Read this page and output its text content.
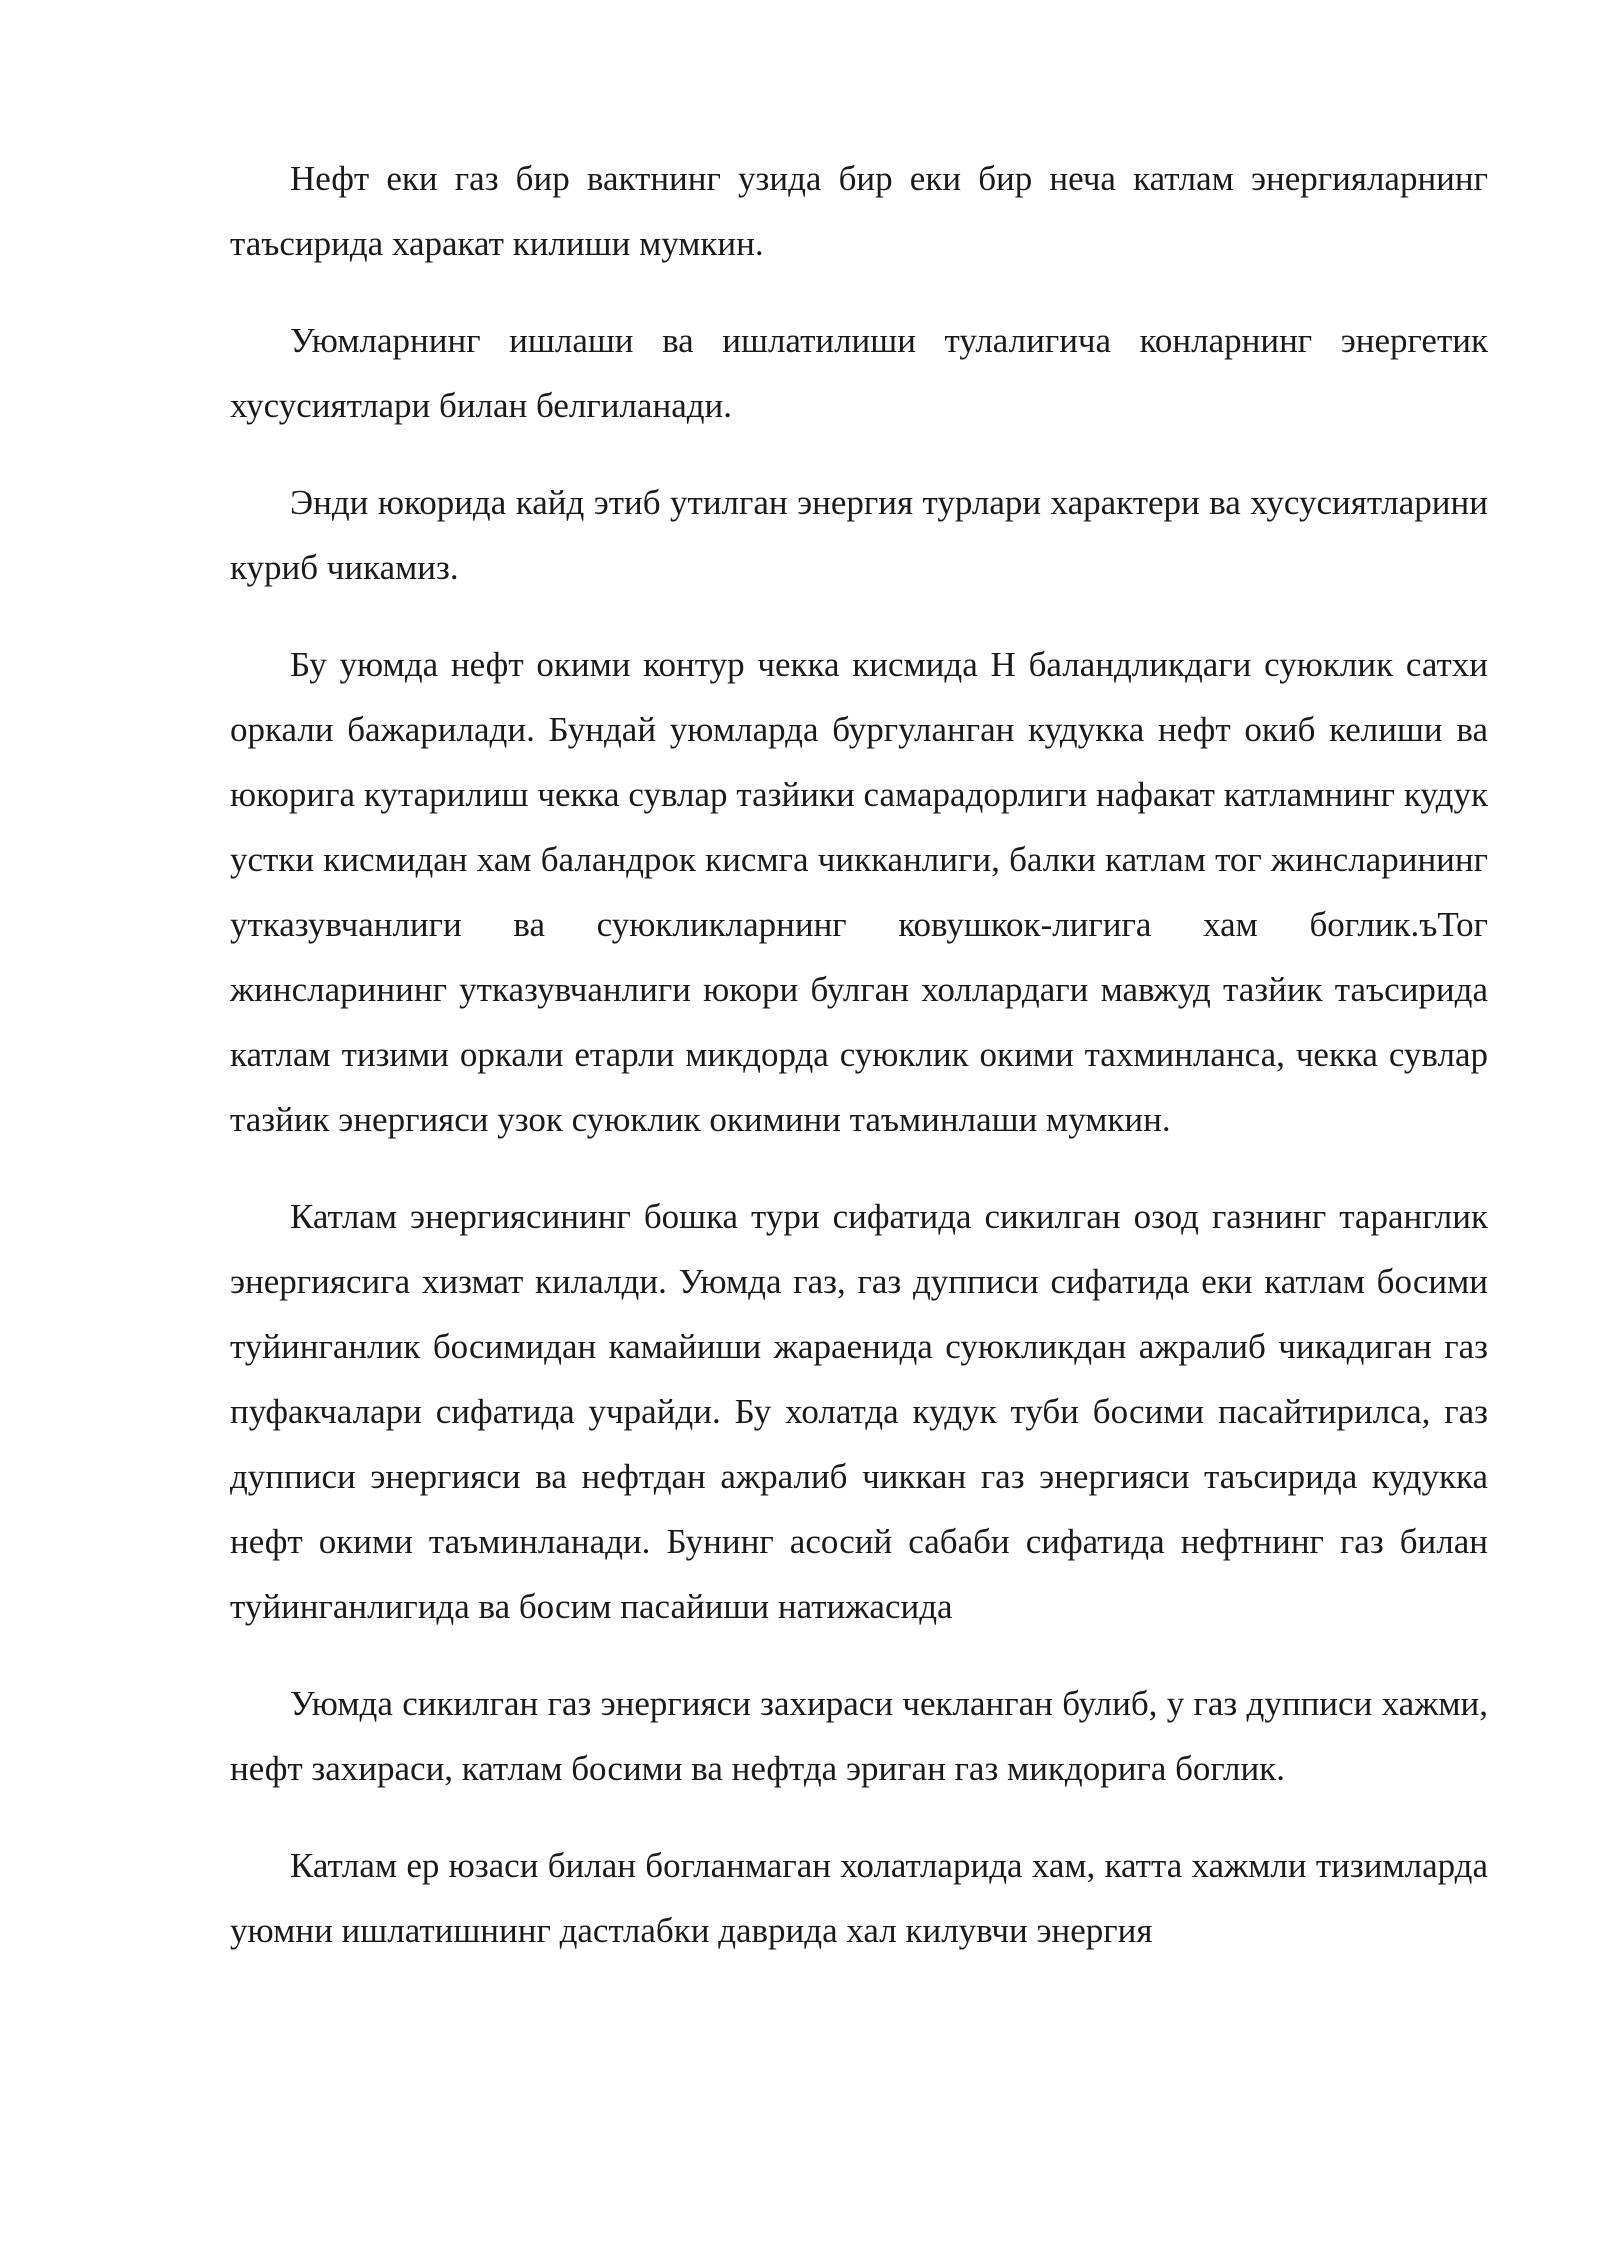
Нефт еки газ бир вактнинг узида бир еки бир неча катлам энергияларнинг таъсирида харакат килиши мумкин.

Уюмларнинг ишлаши ва ишлатилиши тулалигича конларнинг энергетик хусусиятлари билан белгиланади.

Энди юкорида кайд этиб утилган энергия турлари характери ва хусусиятларини куриб чикамиз.

Бу уюмда нефт окими контур чекка кисмида Н баландликдаги суюклик сатхи оркали бажарилади. Бундай уюмларда бургуланган кудукка нефт окиб келиши ва юкорига кутарилиш чекка сувлар тазйики самарадорлиги нафакат катламнинг кудук устки кисмидан хам баландрок кисмга чикканлиги, балки катлам тог жинсларининг утказувчанлиги ва суюкликларнинг ковушкок-лигига хам боглик.ъТог жинсларининг утказувчанлиги юкори булган холлардаги мавжуд тазйик таъсирида катлам тизими оркали етарли микдорда суюклик окими тахминланса, чекка сувлар тазйик энергияси узок суюклик окимини таъминлаши мумкин.

Катлам энергиясининг бошка тури сифатида сикилган озод газнинг таранглик энергиясига хизмат килалди. Уюмда газ, газ дупписи сифатида еки катлам босими туйинганлик босимидан камайиши жараенида суюкликдан ажралиб чикадиган газ пуфакчалари сифатида учрайди. Бу холатда кудук туби босими пасайтирилса, газ дупписи энергияси ва нефтдан ажралиб чиккан газ энергияси таъсирида кудукка нефт окими таъминланади. Бунинг асосий сабаби сифатида нефтнинг газ билан туйинганлигида ва босим пасайиши натижасида

Уюмда сикилган газ энергияси захираси чекланган булиб, у газ дупписи хажми, нефт захираси, катлам босими ва нефтда эриган газ микдорига боглик.

Катлам ер юзаси билан богланмаган холатларида хам, катта хажмли тизимларда уюмни ишлатишнинг дастлабки даврида хал килувчи энергия
